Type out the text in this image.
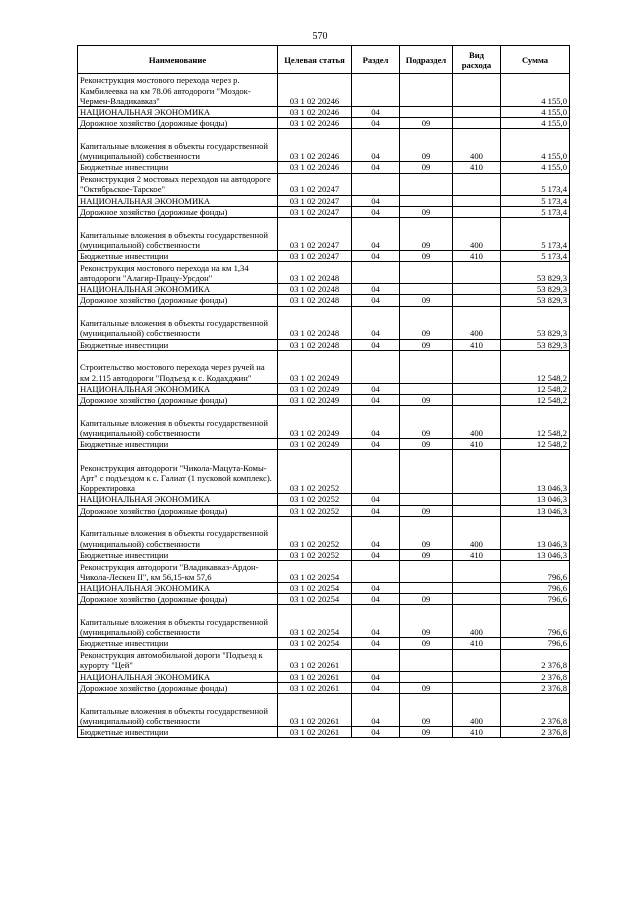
570
Наименование	Целевая статья	Раздел	Подраздел	Вид расхода	Сумма
Реконструкция мостового перехода через р. Камбилеевка на км 78.06 автодороги "Моздок-Чермен-Владикавказ"	03 1 02 20246				4 155,0
НАЦИОНАЛЬНАЯ ЭКОНОМИКА	03 1 02 20246	04			4 155,0
Дорожное хозяйство (дорожные фонды)	03 1 02 20246	04	09		4 155,0
Капитальные вложения в объекты государственной (муниципальной) собственности	03 1 02 20246	04	09	400	4 155,0
Бюджетные инвестиции	03 1 02 20246	04	09	410	4 155,0
Реконструкция 2 мостовых переходов на автодороге "Октябрьское-Тарское"	03 1 02 20247				5 173,4
НАЦИОНАЛЬНАЯ ЭКОНОМИКА	03 1 02 20247	04			5 173,4
Дорожное хозяйство (дорожные фонды)	03 1 02 20247	04	09		5 173,4
Капитальные вложения в объекты государственной (муниципальной) собственности	03 1 02 20247	04	09	400	5 173,4
Бюджетные инвестиции	03 1 02 20247	04	09	410	5 173,4
Реконструкция мостового перехода на км 1,34 автодороги "Алагир-Працу-Урсдон"	03 1 02 20248				53 829,3
НАЦИОНАЛЬНАЯ ЭКОНОМИКА	03 1 02 20248	04			53 829,3
Дорожное хозяйство (дорожные фонды)	03 1 02 20248	04	09		53 829,3
Капитальные вложения в объекты государственной (муниципальной) собственности	03 1 02 20248	04	09	400	53 829,3
Бюджетные инвестиции	03 1 02 20248	04	09	410	53 829,3
Строительство мостового перехода через ручей на км 2.115 автодороги "Подъезд к с. Кодахджин"	03 1 02 20249				12 548,2
НАЦИОНАЛЬНАЯ ЭКОНОМИКА	03 1 02 20249	04			12 548,2
Дорожное хозяйство (дорожные фонды)	03 1 02 20249	04	09		12 548,2
Капитальные вложения в объекты государственной (муниципальной) собственности	03 1 02 20249	04	09	400	12 548,2
Бюджетные инвестиции	03 1 02 20249	04	09	410	12 548,2
Реконструкция автодороги "Чикола-Мацута-Комы-Арт" с подъездом к с. Галиат (1 пусковой комплекс). Корректировка	03 1 02 20252				13 046,3
НАЦИОНАЛЬНАЯ ЭКОНОМИКА	03 1 02 20252	04			13 046,3
Дорожное хозяйство (дорожные фонды)	03 1 02 20252	04	09		13 046,3
Капитальные вложения в объекты государственной (муниципальной) собственности	03 1 02 20252	04	09	400	13 046,3
Бюджетные инвестиции	03 1 02 20252	04	09	410	13 046,3
Реконструкция автодороги "Владикавказ-Ардон-Чикола-Лескен II", км 56,15-км 57,6	03 1 02 20254				796,6
НАЦИОНАЛЬНАЯ ЭКОНОМИКА	03 1 02 20254	04			796,6
Дорожное хозяйство (дорожные фонды)	03 1 02 20254	04	09		796,6
Капитальные вложения в объекты государственной (муниципальной) собственности	03 1 02 20254	04	09	400	796,6
Бюджетные инвестиции	03 1 02 20254	04	09	410	796,6
Реконструкция автомобильной дороги "Подъезд к курорту "Цей"	03 1 02 20261				2 376,8
НАЦИОНАЛЬНАЯ ЭКОНОМИКА	03 1 02 20261	04			2 376,8
Дорожное хозяйство (дорожные фонды)	03 1 02 20261	04	09		2 376,8
Капитальные вложения в объекты государственной (муниципальной) собственности	03 1 02 20261	04	09	400	2 376,8
Бюджетные инвестиции	03 1 02 20261	04	09	410	2 376,8
